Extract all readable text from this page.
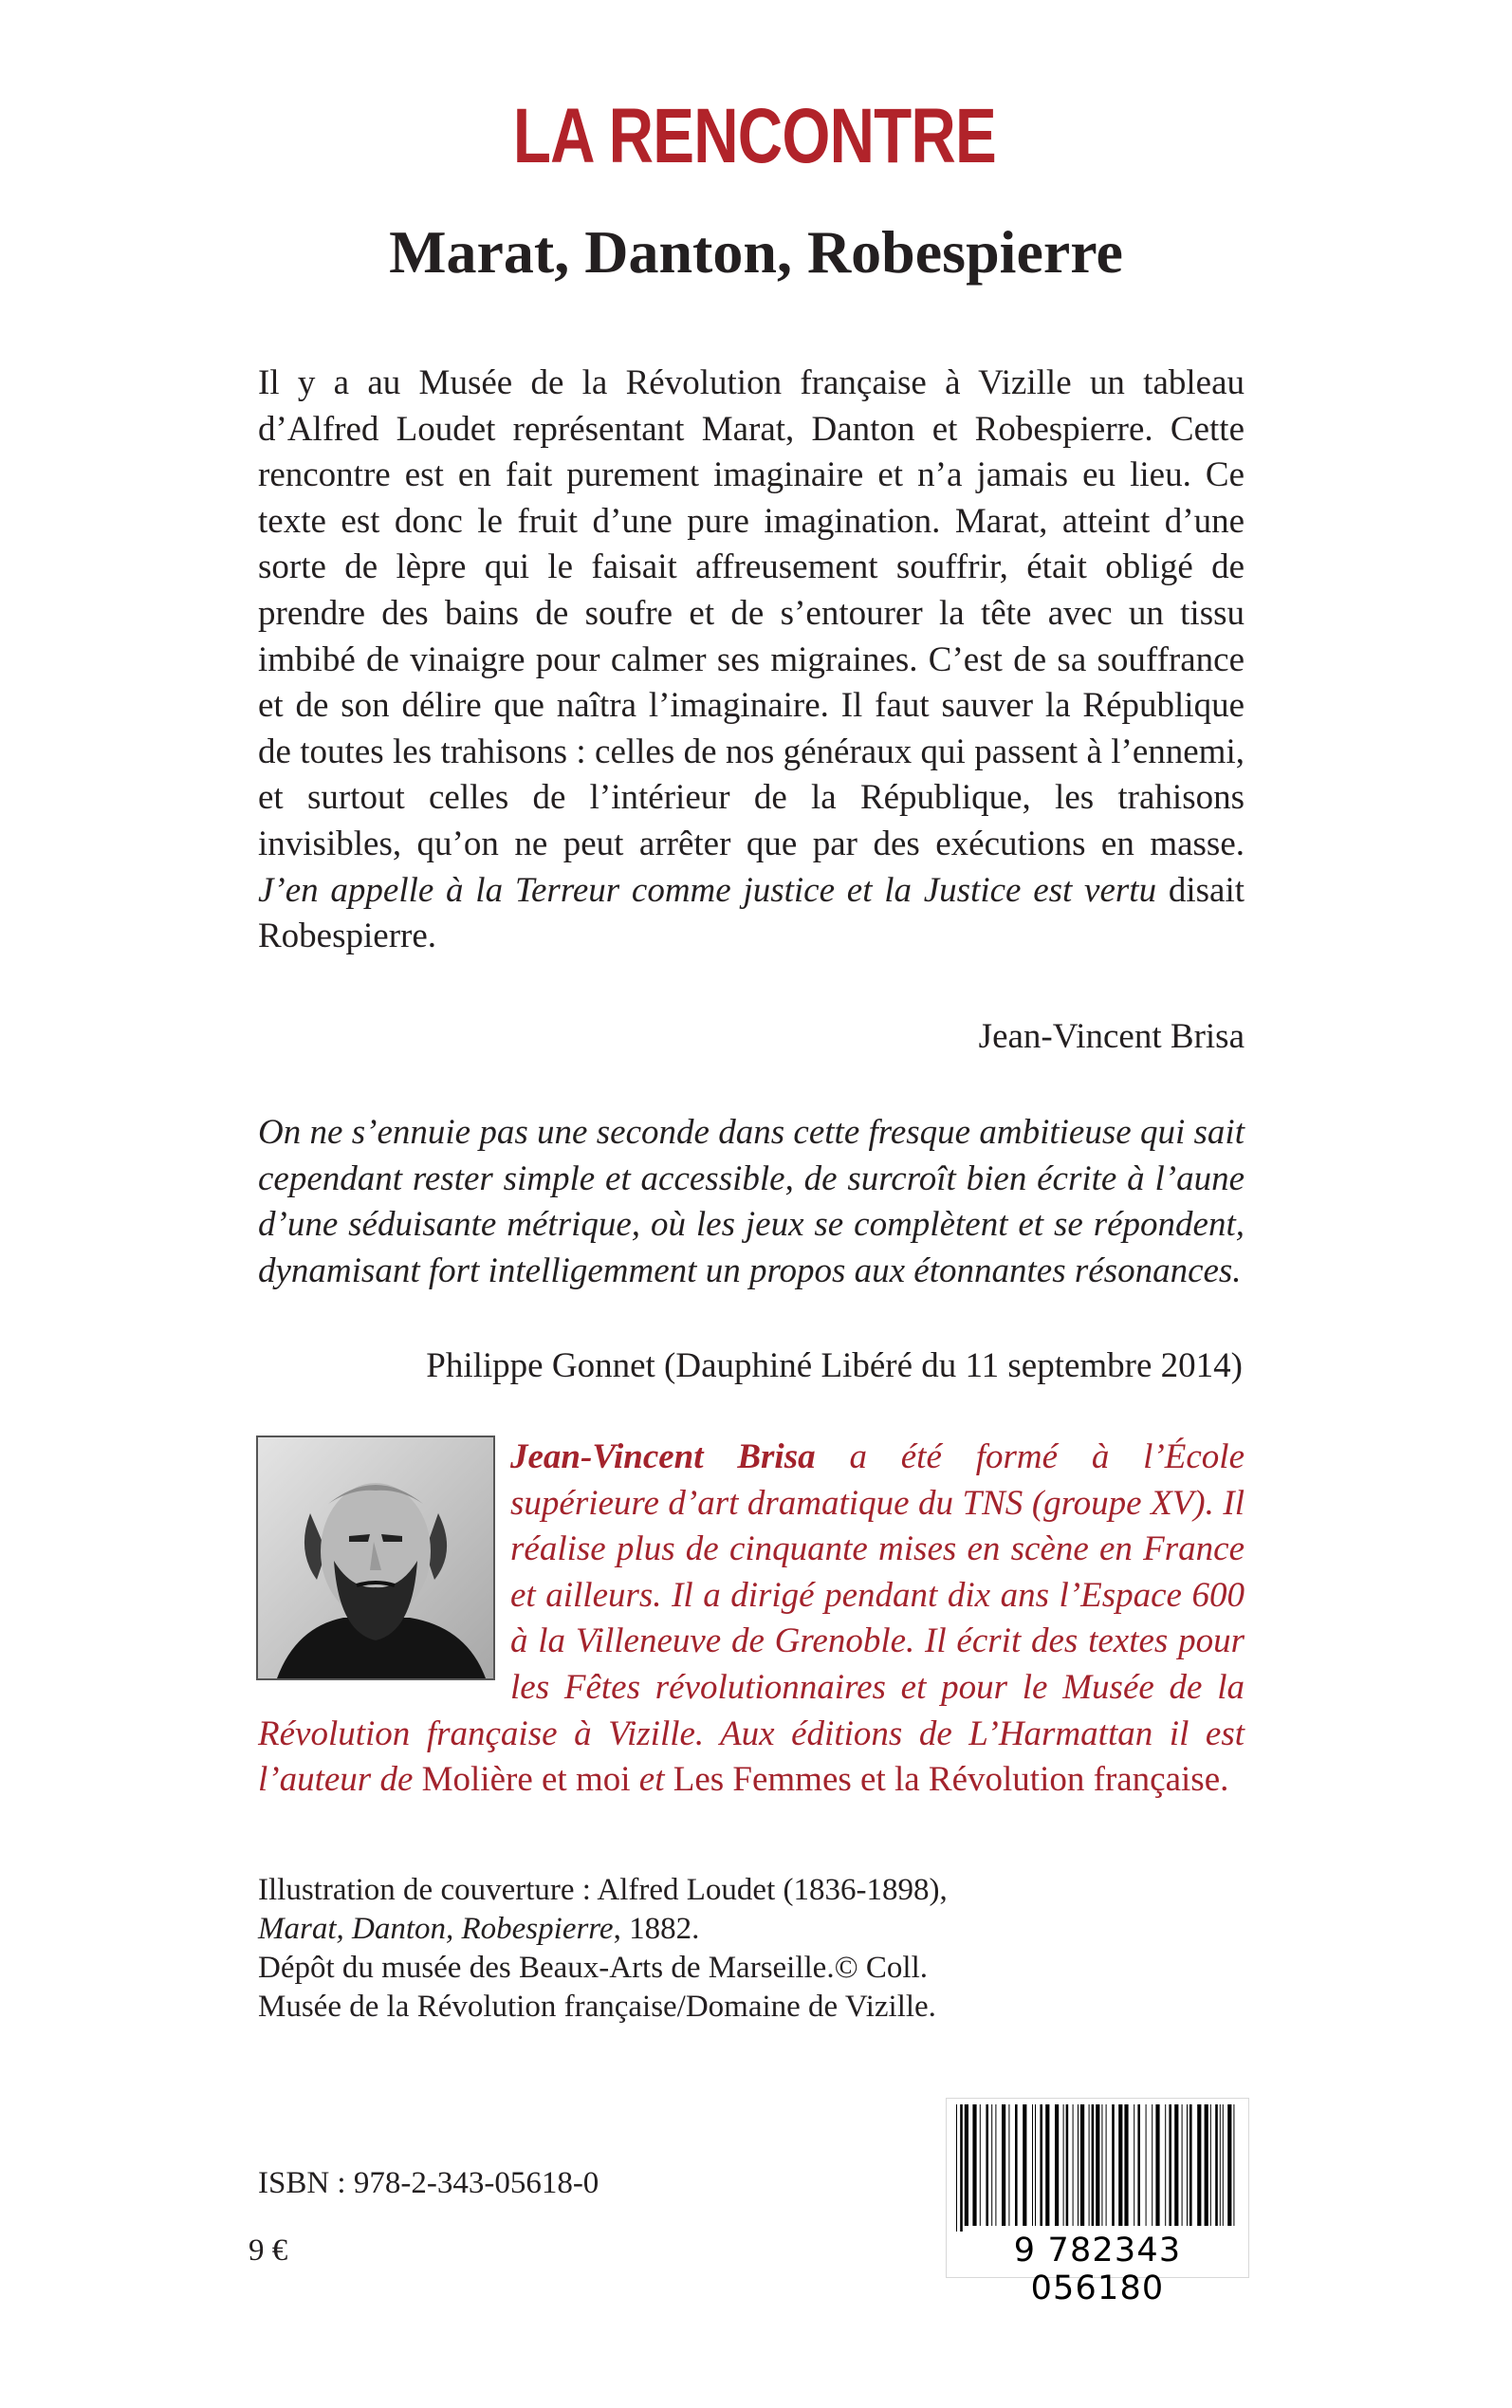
LA RENCONTRE
Marat, Danton, Robespierre
Il y a au Musée de la Révolution française à Vizille un tableau d’Alfred Loudet représentant Marat, Danton et Robespierre. Cette rencontre est en fait purement imaginaire et n’a jamais eu lieu. Ce texte est donc le fruit d’une pure imagination. Marat, atteint d’une sorte de lèpre qui le faisait affreusement souffrir, était obligé de prendre des bains de soufre et de s’entourer la tête avec un tissu imbibé de vinaigre pour calmer ses migraines. C’est de sa souffrance et de son délire que naîtra l’imaginaire. Il faut sauver la République de toutes les trahisons : celles de nos généraux qui passent à l’ennemi, et surtout celles de l’intérieur de la République, les trahisons invisibles, qu’on ne peut arrêter que par des exécutions en masse. J’en appelle à la Terreur comme justice et la Justice est vertu disait Robespierre.
Jean-Vincent Brisa
On ne s’ennuie pas une seconde dans cette fresque ambitieuse qui sait cependant rester simple et accessible, de surcroît bien écrite à l’aune d’une séduisante métrique, où les jeux se complètent et se répondent, dynamisant fort intelligemment un propos aux étonnantes résonances.
Philippe Gonnet (Dauphiné Libéré du 11 septembre 2014)
Jean-Vincent Brisa a été formé à l’École supérieure d’art dramatique du TNS (groupe XV). Il réalise plus de cinquante mises en scène en France et ailleurs. Il a dirigé pendant dix ans l’Espace 600 à la Villeneuve de Grenoble. Il écrit des textes pour les Fêtes révolutionnaires et pour le Musée de la Révolution française à Vizille. Aux éditions de L’Harmattan il est l’auteur de Molière et moi et Les Femmes et la Révolution française.
Illustration de couverture : Alfred Loudet (1836-1898),
Marat, Danton, Robespierre, 1882.
Dépôt du musée des Beaux-Arts de Marseille.© Coll.
Musée de la Révolution française/Domaine de Vizille.
ISBN : 978-2-343-05618-0
9 €	9 782343 056180
